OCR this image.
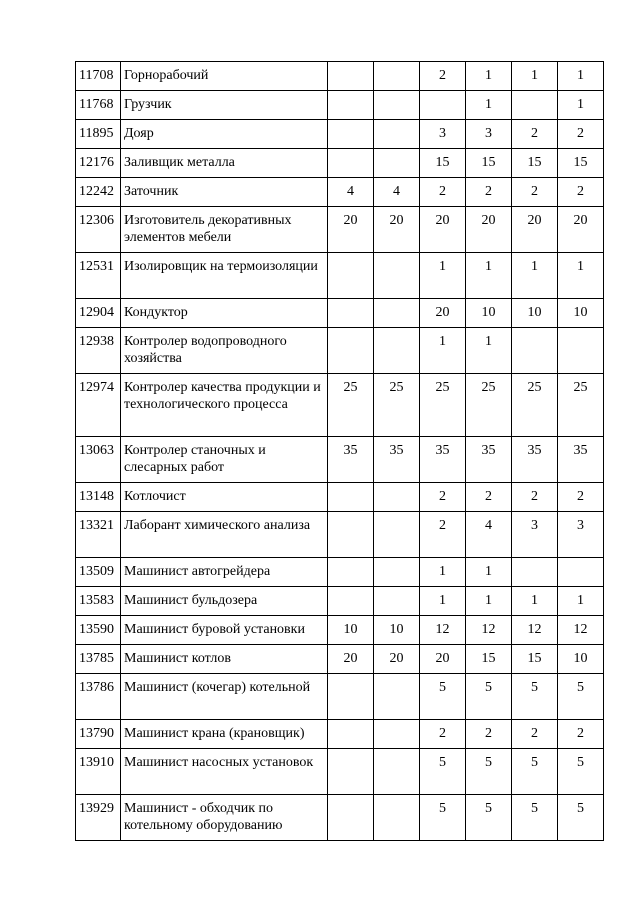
11708	Горнорабочий			2	1	1	1
11768	Грузчик				1		1
11895	Дояр			3	3	2	2
12176	Заливщик металла			15	15	15	15
12242	Заточник	4	4	2	2	2	2
12306	Изготовитель декоративных элементов мебели	20	20	20	20	20	20
12531	Изолировщик на термоизоляции			1	1	1	1
12904	Кондуктор			20	10	10	10
12938	Контролер водопроводного хозяйства			1	1		
12974	Контролер качества продукции и технологического процесса	25	25	25	25	25	25
13063	Контролер станочных и слесарных работ	35	35	35	35	35	35
13148	Котлочист			2	2	2	2
13321	Лаборант химического анализа			2	4	3	3
13509	Машинист автогрейдера			1	1		
13583	Машинист бульдозера			1	1	1	1
13590	Машинист буровой установки	10	10	12	12	12	12
13785	Машинист котлов	20	20	20	15	15	10
13786	Машинист (кочегар) котельной			5	5	5	5
13790	Машинист крана (крановщик)			2	2	2	2
13910	Машинист насосных установок			5	5	5	5
13929	Машинист - обходчик по котельному оборудованию			5	5	5	5
